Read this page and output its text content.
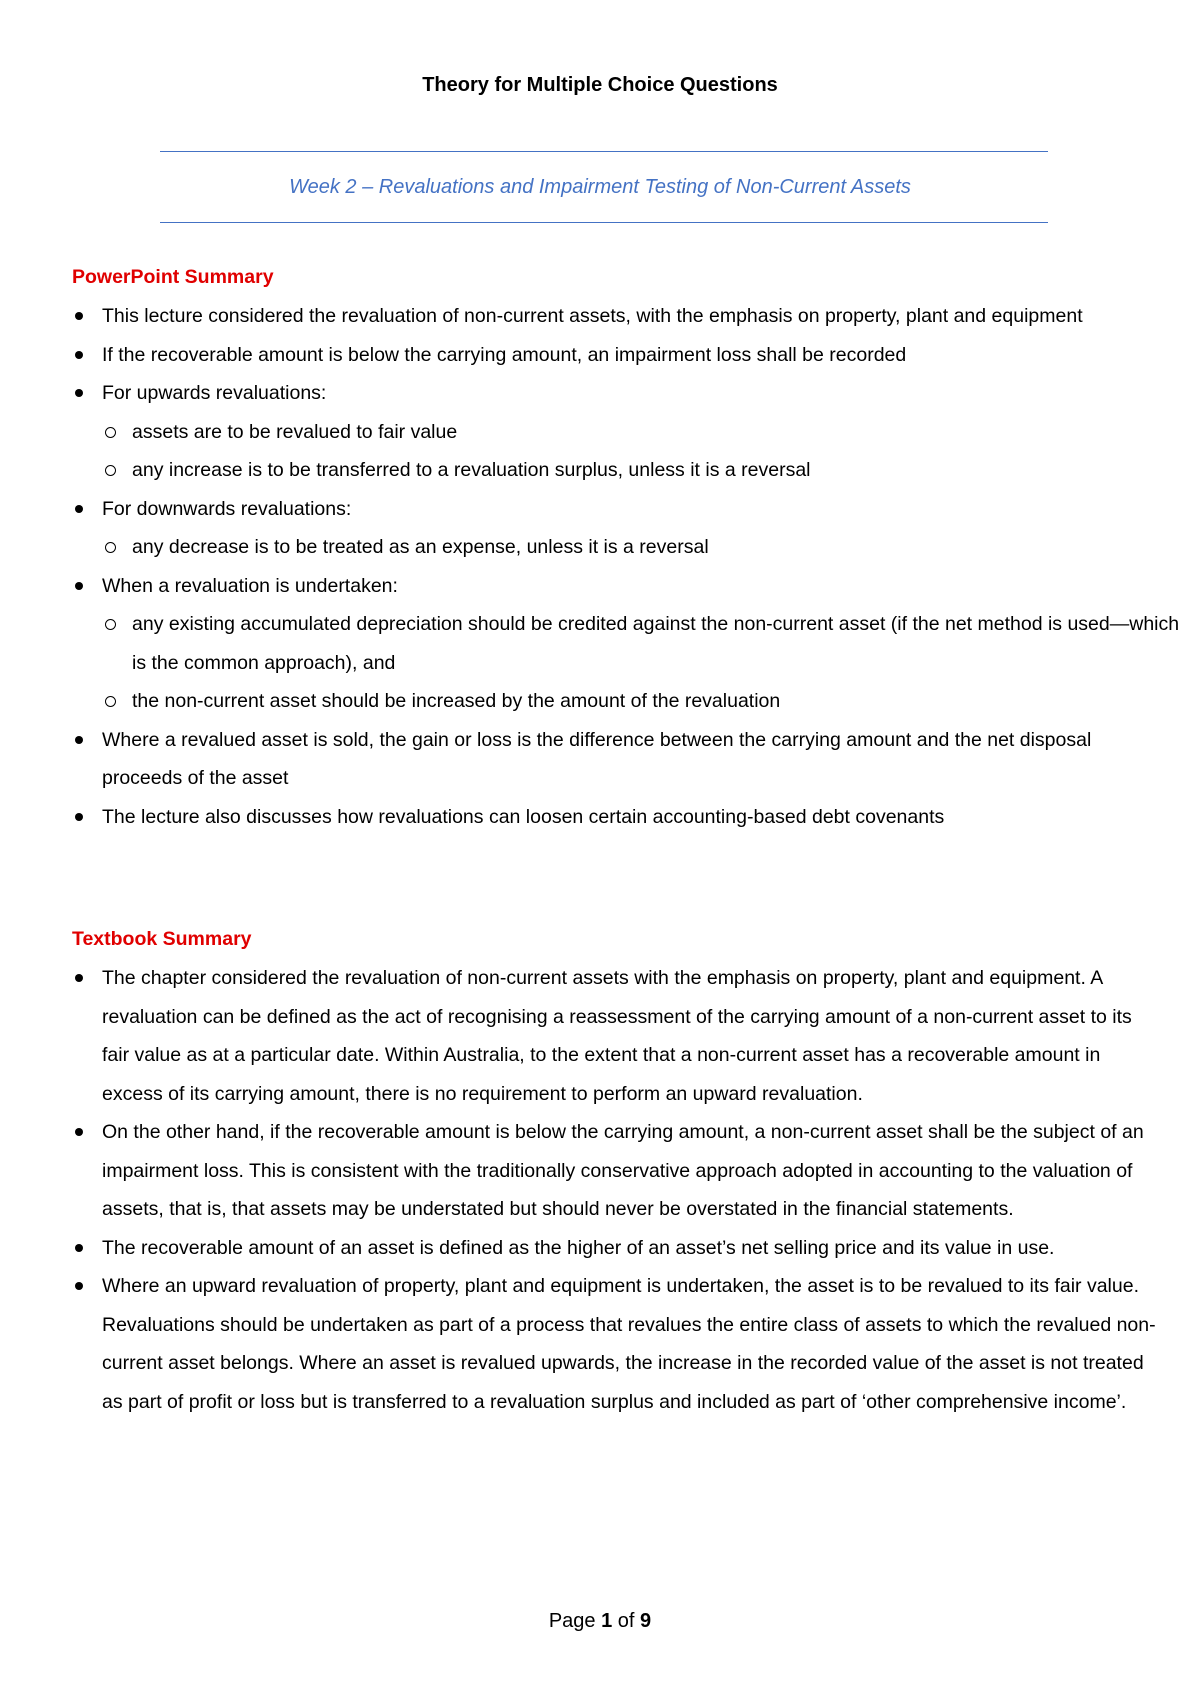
Theory for Multiple Choice Questions
Week 2 – Revaluations and Impairment Testing of Non-Current Assets
PowerPoint Summary
This lecture considered the revaluation of non-current assets, with the emphasis on property, plant and equipment
If the recoverable amount is below the carrying amount, an impairment loss shall be recorded
For upwards revaluations:
assets are to be revalued to fair value
any increase is to be transferred to a revaluation surplus, unless it is a reversal
For downwards revaluations:
any decrease is to be treated as an expense, unless it is a reversal
When a revaluation is undertaken:
any existing accumulated depreciation should be credited against the non-current asset (if the net method is used—which is the common approach), and
the non-current asset should be increased by the amount of the revaluation
Where a revalued asset is sold, the gain or loss is the difference between the carrying amount and the net disposal proceeds of the asset
The lecture also discusses how revaluations can loosen certain accounting-based debt covenants
Textbook Summary
The chapter considered the revaluation of non-current assets with the emphasis on property, plant and equipment. A revaluation can be defined as the act of recognising a reassessment of the carrying amount of a non-current asset to its fair value as at a particular date. Within Australia, to the extent that a non-current asset has a recoverable amount in excess of its carrying amount, there is no requirement to perform an upward revaluation.
On the other hand, if the recoverable amount is below the carrying amount, a non-current asset shall be the subject of an impairment loss. This is consistent with the traditionally conservative approach adopted in accounting to the valuation of assets, that is, that assets may be understated but should never be overstated in the financial statements.
The recoverable amount of an asset is defined as the higher of an asset’s net selling price and its value in use.
Where an upward revaluation of property, plant and equipment is undertaken, the asset is to be revalued to its fair value. Revaluations should be undertaken as part of a process that revalues the entire class of assets to which the revalued non-current asset belongs. Where an asset is revalued upwards, the increase in the recorded value of the asset is not treated as part of profit or loss but is transferred to a revaluation surplus and included as part of ‘other comprehensive income’.
Page 1 of 9
